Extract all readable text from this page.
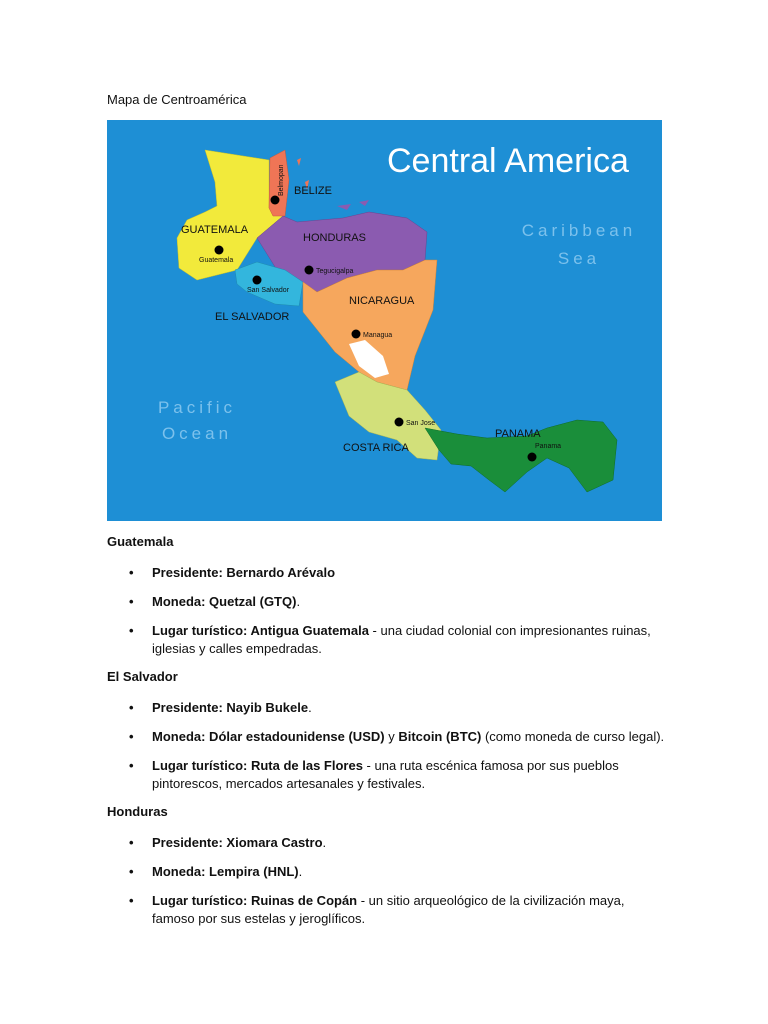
Mapa de Centroamérica
Central America
Caribbean
Sea
Pacific
Ocean
BELIZE
GUATEMALA
HONDURAS
EL SALVADOR
NICARAGUA
COSTA RICA
PANAMA
Belmopan
Guatemala
San Salvador
Tegucigalpa
Managua
San Jose
Panama
Guatemala
• Presidente: Bernardo Arévalo
• Moneda: Quetzal (GTQ).
• Lugar turístico: Antigua Guatemala - una ciudad colonial con impresionantes ruinas, iglesias y calles empedradas.
El Salvador
• Presidente: Nayib Bukele.
• Moneda: Dólar estadounidense (USD) y Bitcoin (BTC) (como moneda de curso legal).
• Lugar turístico: Ruta de las Flores - una ruta escénica famosa por sus pueblos pintorescos, mercados artesanales y festivales.
Honduras
• Presidente: Xiomara Castro.
• Moneda: Lempira (HNL).
• Lugar turístico: Ruinas de Copán - un sitio arqueológico de la civilización maya, famoso por sus estelas y jeroglíficos.
